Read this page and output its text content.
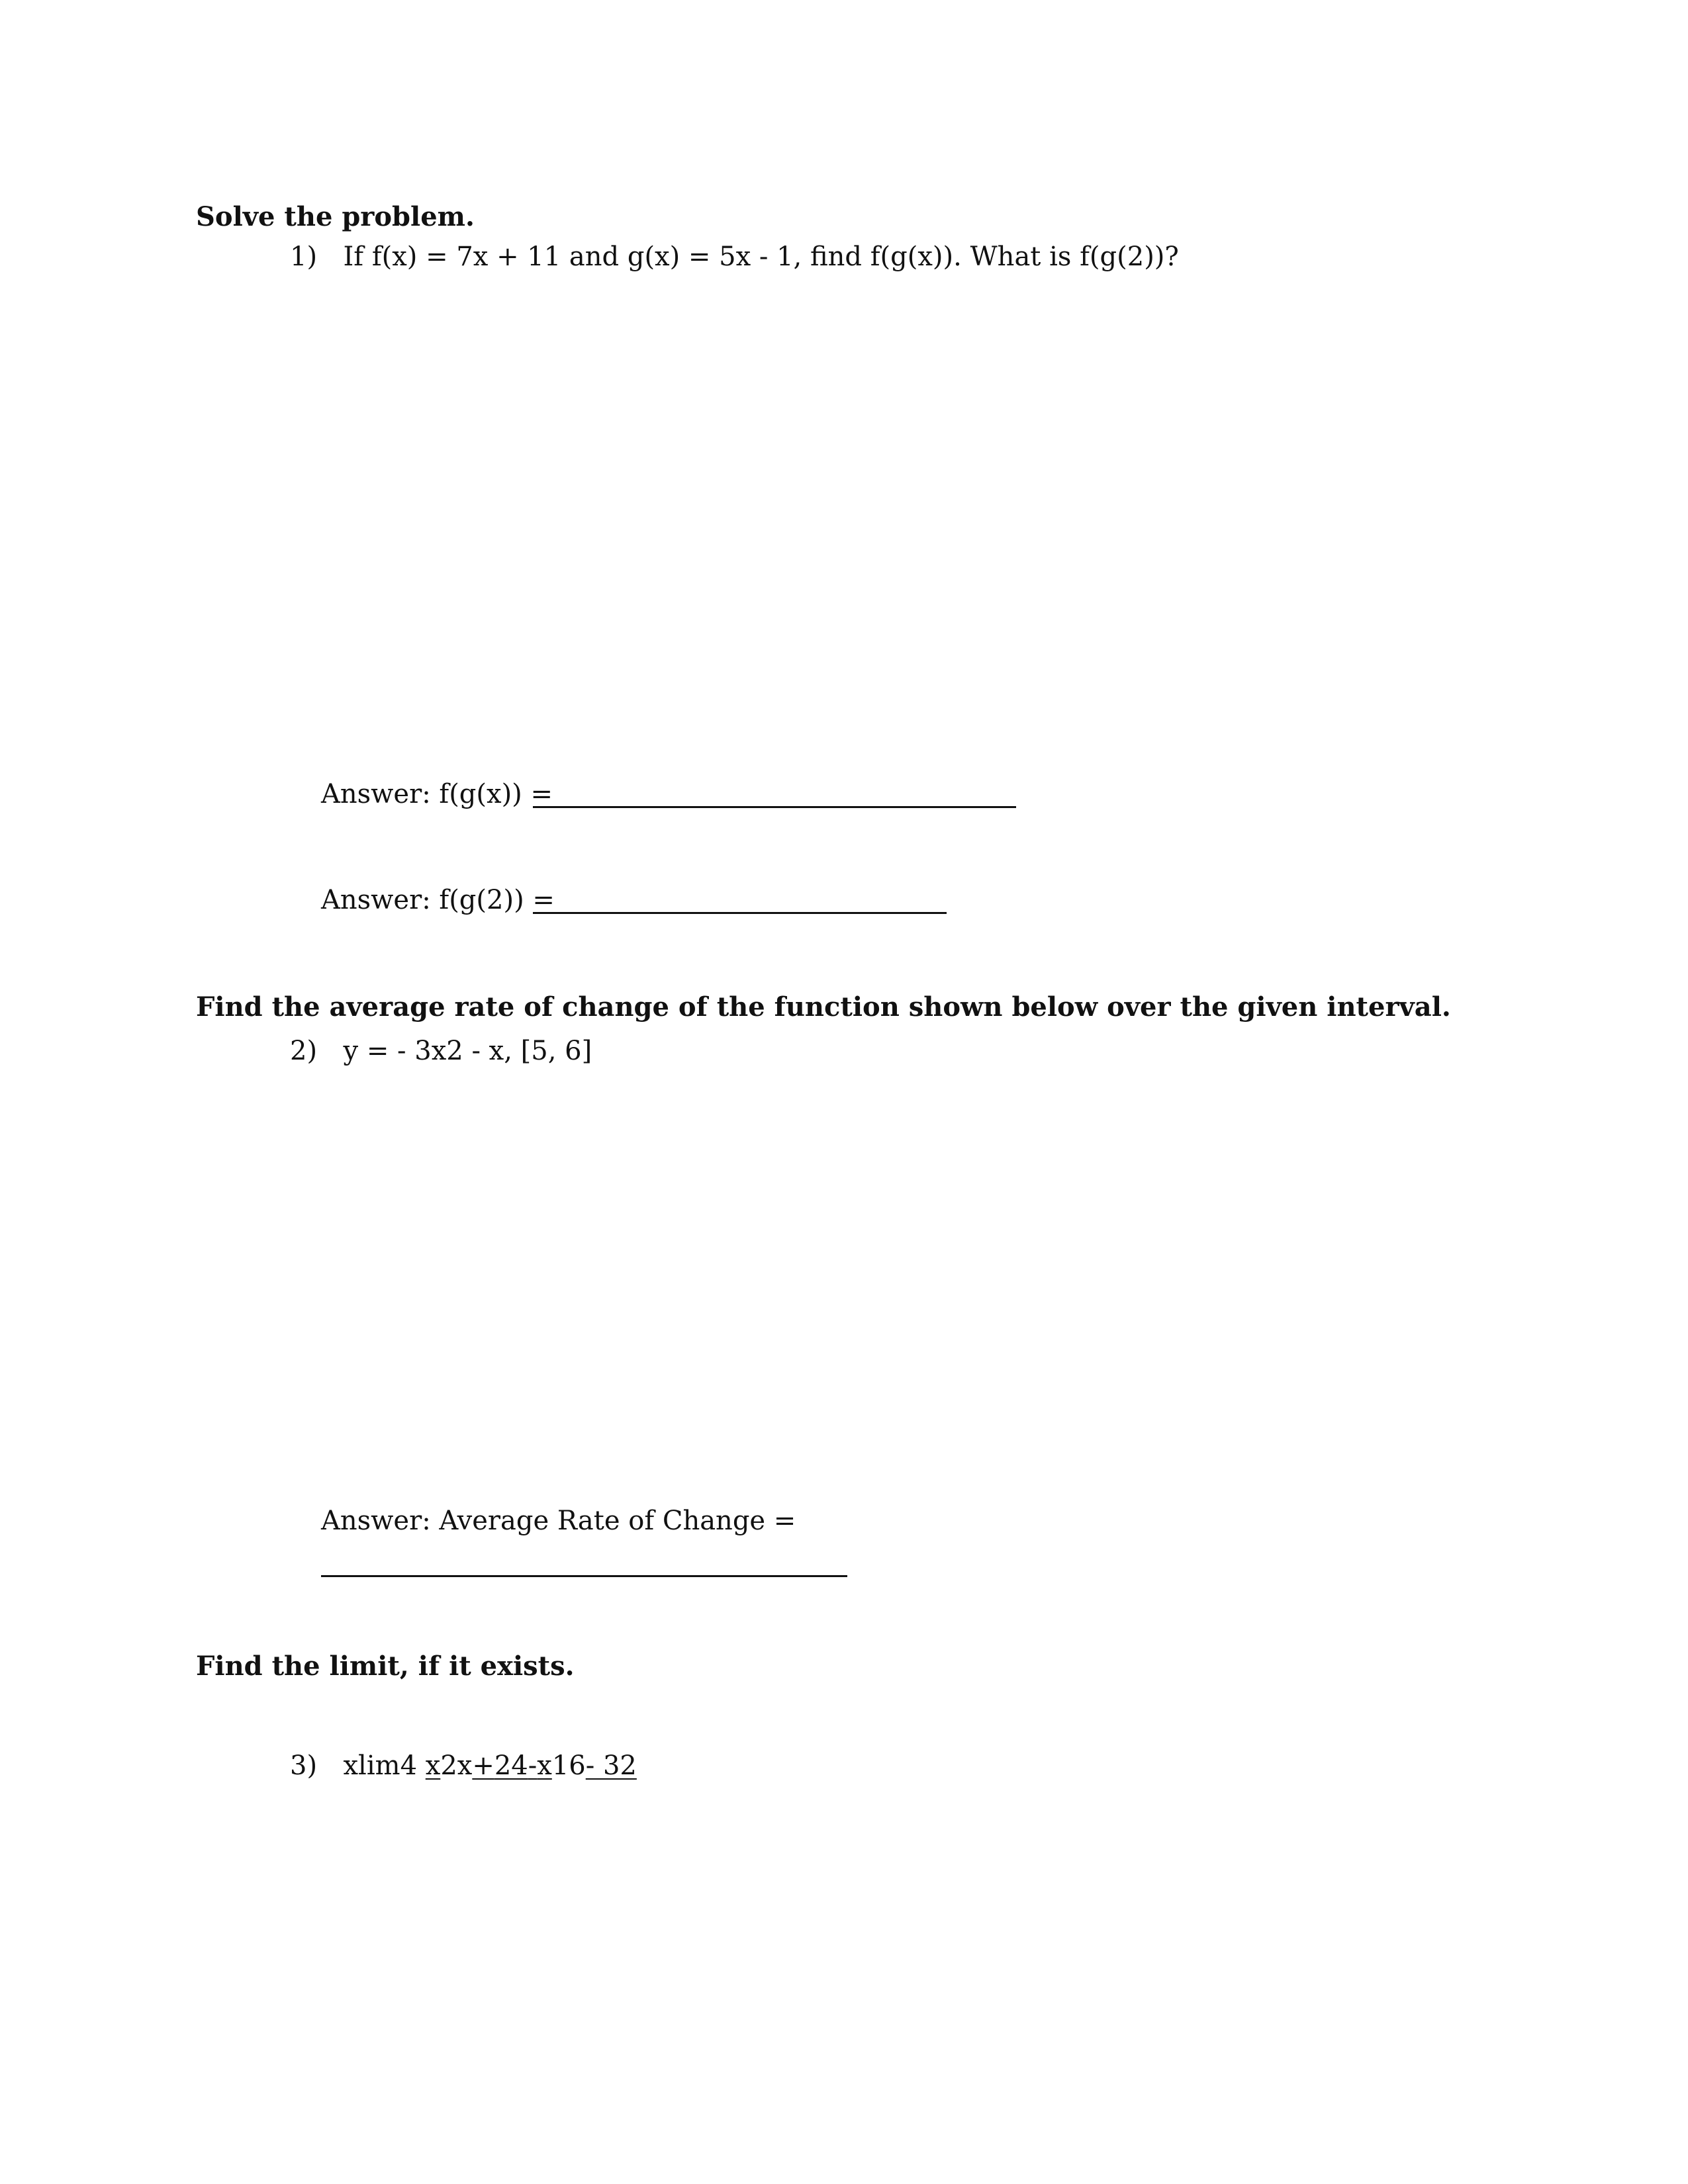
Solve the problem.
1) If f(x) = 7x + 11 and g(x) = 5x - 1, find f(g(x)). What is f(g(2))?
Answer: f(g(x)) =
Answer: f(g(2)) =
Find the average rate of change of the function shown below over the given interval.
2) y = - 3x2 - x, [5, 6]
Answer: Average Rate of Change =
Find the limit, if it exists.
3) xlim4 x2x+24-x16- 32
